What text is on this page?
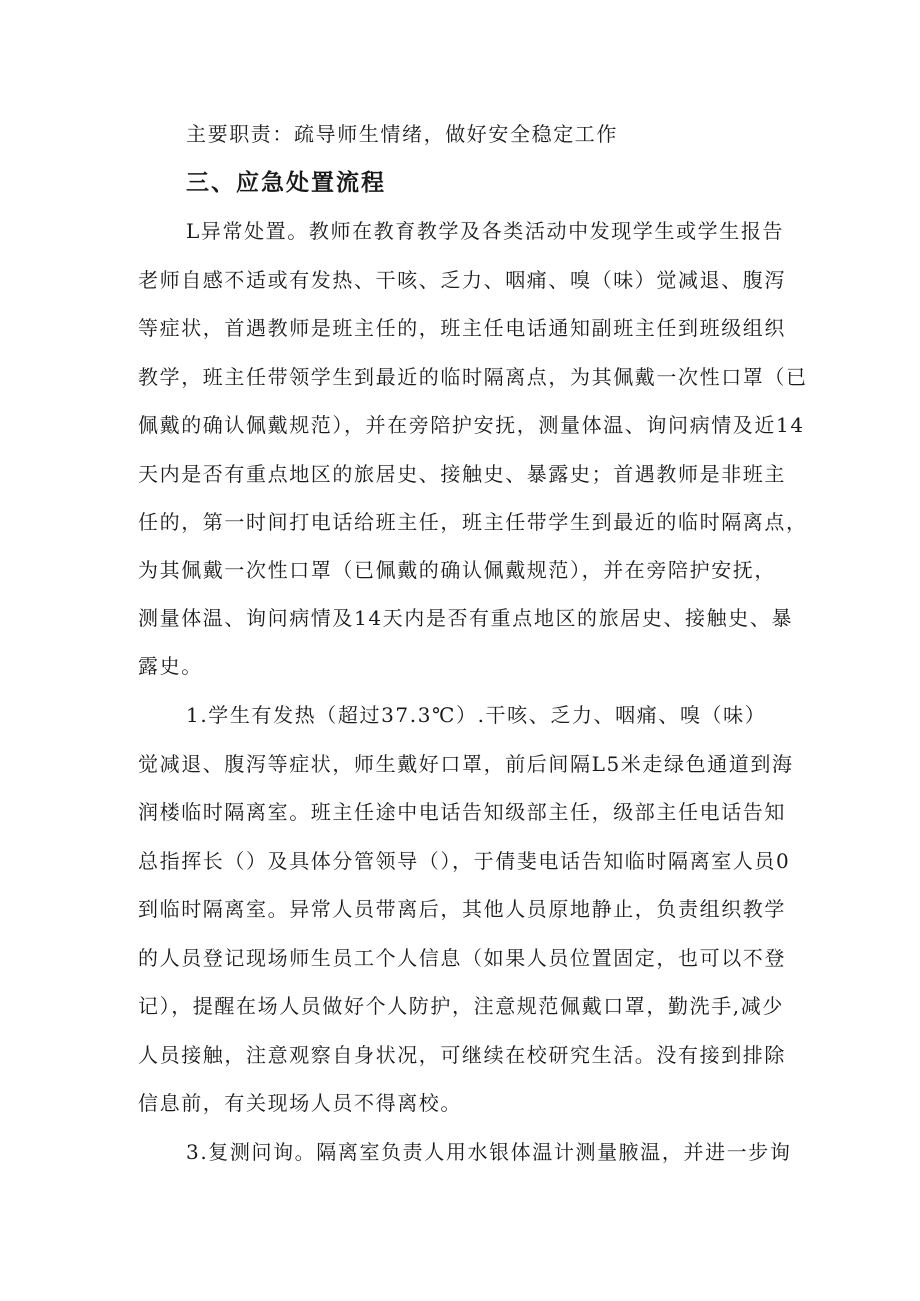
主要职责：疏导师生情绪，做好安全稳定工作
三、应急处置流程
L异常处置。教师在教育教学及各类活动中发现学生或学生报告
老师自感不适或有发热、干咳、乏力、咽痛、嗅（味）觉减退、腹泻
等症状，首遇教师是班主任的，班主任电话通知副班主任到班级组织
教学，班主任带领学生到最近的临时隔离点，为其佩戴一次性口罩（已
佩戴的确认佩戴规范），并在旁陪护安抚，测量体温、询问病情及近14
天内是否有重点地区的旅居史、接触史、暴露史；首遇教师是非班主
任的，第一时间打电话给班主任，班主任带学生到最近的临时隔离点，
为其佩戴一次性口罩（已佩戴的确认佩戴规范），并在旁陪护安抚，
测量体温、询问病情及14天内是否有重点地区的旅居史、接触史、暴
露史。
1.学生有发热（超过37.3℃）.干咳、乏力、咽痛、嗅（味）
觉减退、腹泻等症状，师生戴好口罩，前后间隔L5米走绿色通道到海
润楼临时隔离室。班主任途中电话告知级部主任，级部主任电话告知
总指挥长（）及具体分管领导（），于倩斐电话告知临时隔离室人员0
到临时隔离室。异常人员带离后，其他人员原地静止，负责组织教学
的人员登记现场师生员工个人信息（如果人员位置固定，也可以不登
记），提醒在场人员做好个人防护，注意规范佩戴口罩，勤洗手,减少
人员接触，注意观察自身状况，可继续在校研究生活。没有接到排除
信息前，有关现场人员不得离校。
3.复测问询。隔离室负责人用水银体温计测量腋温，并进一步询
